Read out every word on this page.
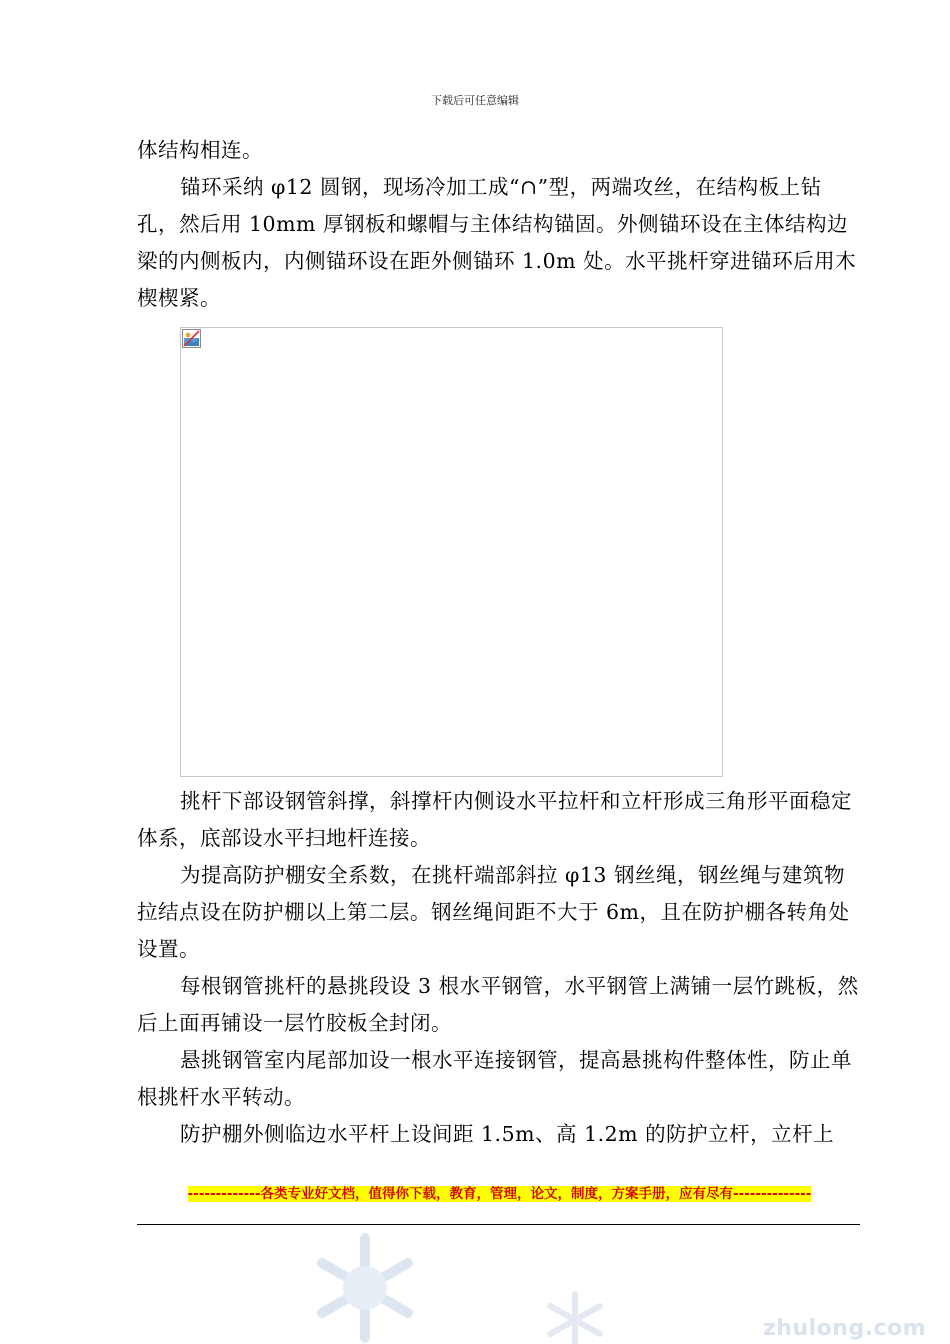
下载后可任意编辑

体结构相连。

锚环采纳 φ12 圆钢，现场冷加工成“∩”型，两端攻丝，在结构板上钻孔，然后用 10mm 厚钢板和螺帽与主体结构锚固。外侧锚环设在主体结构边梁的内侧板内，内侧锚环设在距外侧锚环 1.0m 处。水平挑杆穿进锚环后用木楔楔紧。

挑杆下部设钢管斜撑，斜撑杆内侧设水平拉杆和立杆形成三角形平面稳定体系，底部设水平扫地杆连接。

为提高防护棚安全系数，在挑杆端部斜拉 φ13 钢丝绳，钢丝绳与建筑物拉结点设在防护棚以上第二层。钢丝绳间距不大于 6m，且在防护棚各转角处设置。

每根钢管挑杆的悬挑段设 3 根水平钢管，水平钢管上满铺一层竹跳板，然后上面再铺设一层竹胶板全封闭。

悬挑钢管室内尾部加设一根水平连接钢管，提高悬挑构件整体性，防止单根挑杆水平转动。

防护棚外侧临边水平杆上设间距 1.5m、高 1.2m 的防护立杆，立杆上

-------------各类专业好文档，值得你下载，教育，管理，论文，制度，方案手册，应有尽有--------------
zhulong.com
